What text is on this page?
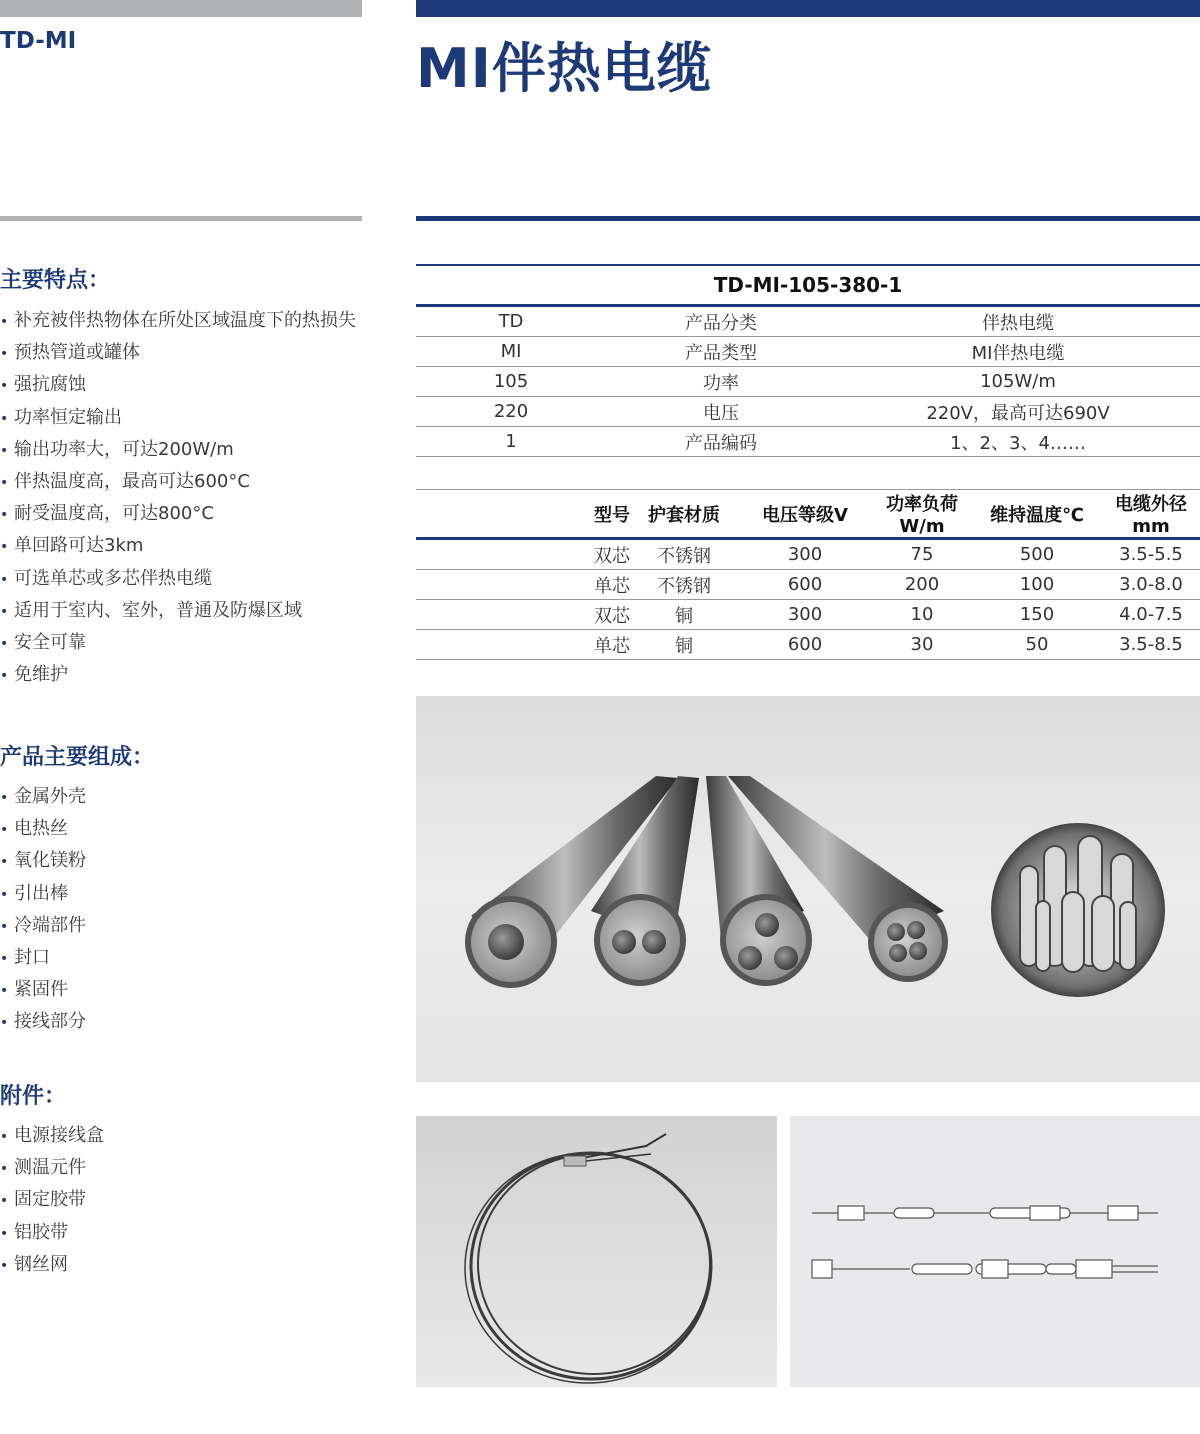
TD-MI	MI伴热电缆
主要特点：
• 补充被伴热物体在所处区域温度下的热损失
• 预热管道或罐体
• 强抗腐蚀
• 功率恒定输出
• 输出功率大，可达200W/m
• 伴热温度高，最高可达600°C
• 耐受温度高，可达800°C
• 单回路可达3km
• 可选单芯或多芯伴热电缆
• 适用于室内、室外，普通及防爆区域
• 安全可靠
• 免维护
产品主要组成：
• 金属外壳
• 电热丝
• 氧化镁粉
• 引出棒
• 冷端部件
• 封口
• 紧固件
• 接线部分
附件：
• 电源接线盒
• 测温元件
• 固定胶带
• 铝胶带
• 钢丝网
TD-MI-105-380-1		
TD	产品分类	伴热电缆
MI	产品类型	MI伴热电缆
105	功率	105W/m
220	电压	220V，最高可达690V
1	产品编码	1、2、3、4……
型号	护套材质	电压等级V	功率负荷W/m	维持温度℃	电缆外径mm
双芯	不锈钢	300	75	500	3.5-5.5
单芯	不锈钢	600	200	100	3.0-8.0
双芯	铜	300	10	150	4.0-7.5
单芯	铜	600	30	50	3.5-8.5
